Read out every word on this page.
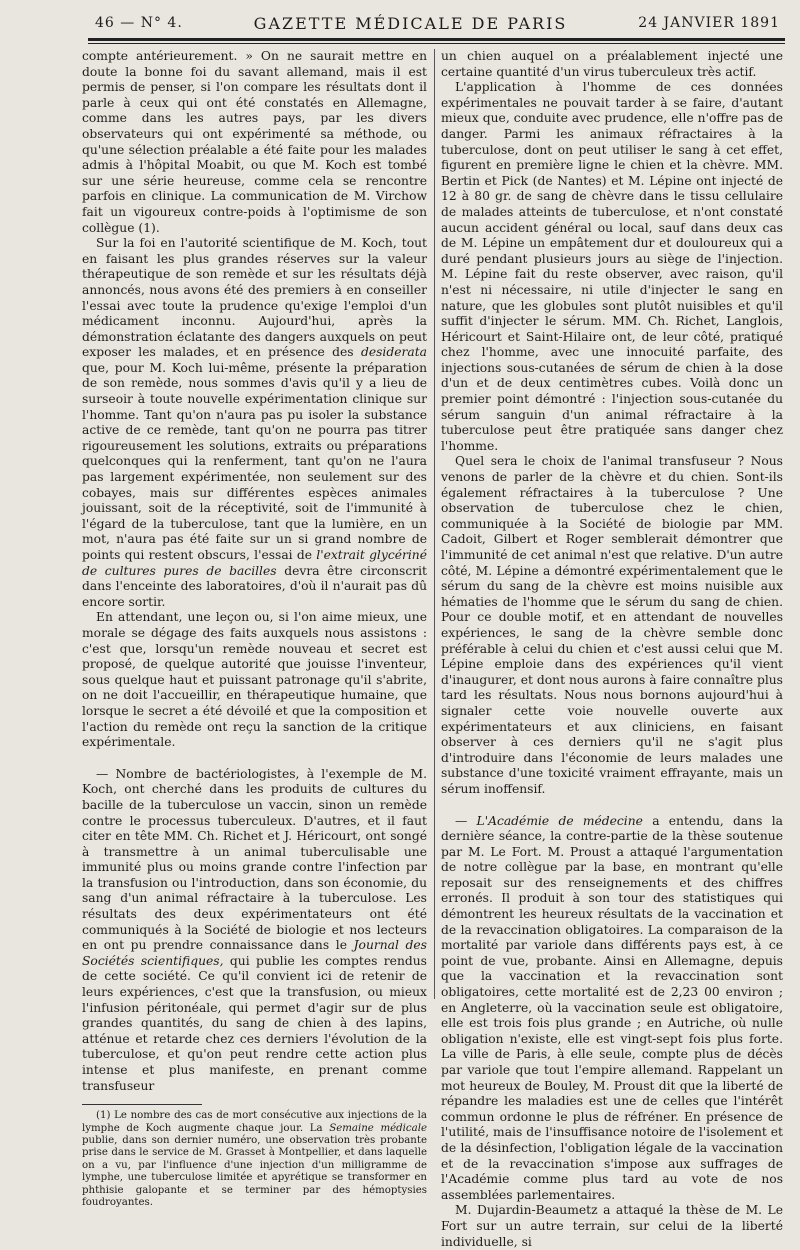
46 — N° 4.	GAZETTE MÉDICALE DE PARIS	24 JANVIER 1891

compte antérieurement. » On ne saurait mettre en doute la bonne foi du savant allemand, mais il est permis de penser, si l'on compare les résultats dont il parle à ceux qui ont été constatés en Allemagne, comme dans les autres pays, par les divers observateurs qui ont expérimenté sa méthode, ou qu'une sélection préalable a été faite pour les malades admis à l'hôpital Moabit, ou que M. Koch est tombé sur une série heureuse, comme cela se rencontre parfois en clinique. La communication de M. Virchow fait un vigoureux contre-poids à l'optimisme de son collègue (1).

Sur la foi en l'autorité scientifique de M. Koch, tout en faisant les plus grandes réserves sur la valeur thérapeutique de son remède et sur les résultats déjà annoncés, nous avons été des premiers à en conseiller l'essai avec toute la prudence qu'exige l'emploi d'un médicament inconnu. Aujourd'hui, après la démonstration éclatante des dangers auxquels on peut exposer les malades, et en présence des desiderata que, pour M. Koch lui-même, présente la préparation de son remède, nous sommes d'avis qu'il y a lieu de surseoir à toute nouvelle expérimentation clinique sur l'homme. Tant qu'on n'aura pas pu isoler la substance active de ce remède, tant qu'on ne pourra pas titrer rigoureusement les solutions, extraits ou préparations quelconques qui la renferment, tant qu'on ne l'aura pas largement expérimentée, non seulement sur des cobayes, mais sur différentes espèces animales jouissant, soit de la réceptivité, soit de l'immunité à l'égard de la tuberculose, tant que la lumière, en un mot, n'aura pas été faite sur un si grand nombre de points qui restent obscurs, l'essai de l'extrait glycériné de cultures pures de bacilles devra être circonscrit dans l'enceinte des laboratoires, d'où il n'aurait pas dû encore sortir.

En attendant, une leçon ou, si l'on aime mieux, une morale se dégage des faits auxquels nous assistons : c'est que, lorsqu'un remède nouveau et secret est proposé, de quelque autorité que jouisse l'inventeur, sous quelque haut et puissant patronage qu'il s'abrite, on ne doit l'accueillir, en thérapeutique humaine, que lorsque le secret a été dévoilé et que la composition et l'action du remède ont reçu la sanction de la critique expérimentale.

— Nombre de bactériologistes, à l'exemple de M. Koch, ont cherché dans les produits de cultures du bacille de la tuberculose un vaccin, sinon un remède contre le processus tuberculeux. D'autres, et il faut citer en tête MM. Ch. Richet et J. Héricourt, ont songé à transmettre à un animal tuberculisable une immunité plus ou moins grande contre l'infection par la transfusion ou l'introduction, dans son économie, du sang d'un animal réfractaire à la tuberculose. Les résultats des deux expérimentateurs ont été communiqués à la Société de biologie et nos lecteurs en ont pu prendre connaissance dans le Journal des Sociétés scientifiques, qui publie les comptes rendus de cette société. Ce qu'il convient ici de retenir de leurs expériences, c'est que la transfusion, ou mieux l'infusion péritonéale, qui permet d'agir sur de plus grandes quantités, du sang de chien à des lapins, atténue et retarde chez ces derniers l'évolution de la tuberculose, et qu'on peut rendre cette action plus intense et plus manifeste, en prenant comme transfuseur

(1) Le nombre des cas de mort consécutive aux injections de la lymphe de Koch augmente chaque jour. La Semaine médicale publie, dans son dernier numéro, une observation très probante prise dans le service de M. Grasset à Montpellier, et dans laquelle on a vu, par l'influence d'une injection d'un milligramme de lymphe, une tuberculose limitée et apyrétique se transformer en phthisie galopante et se terminer par des hémoptysies foudroyantes.

un chien auquel on a préalablement injecté une certaine quantité d'un virus tuberculeux très actif.

L'application à l'homme de ces données expérimentales ne pouvait tarder à se faire, d'autant mieux que, conduite avec prudence, elle n'offre pas de danger. Parmi les animaux réfractaires à la tuberculose, dont on peut utiliser le sang à cet effet, figurent en première ligne le chien et la chèvre. MM. Bertin et Pick (de Nantes) et M. Lépine ont injecté de 12 à 80 gr. de sang de chèvre dans le tissu cellulaire de malades atteints de tuberculose, et n'ont constaté aucun accident général ou local, sauf dans deux cas de M. Lépine un empâtement dur et douloureux qui a duré pendant plusieurs jours au siège de l'injection. M. Lépine fait du reste observer, avec raison, qu'il n'est ni nécessaire, ni utile d'injecter le sang en nature, que les globules sont plutôt nuisibles et qu'il suffit d'injecter le sérum. MM. Ch. Richet, Langlois, Héricourt et Saint-Hilaire ont, de leur côté, pratiqué chez l'homme, avec une innocuité parfaite, des injections sous-cutanées de sérum de chien à la dose d'un et de deux centimètres cubes. Voilà donc un premier point démontré : l'injection sous-cutanée du sérum sanguin d'un animal réfractaire à la tuberculose peut être pratiquée sans danger chez l'homme.

Quel sera le choix de l'animal transfuseur ? Nous venons de parler de la chèvre et du chien. Sont-ils également réfractaires à la tuberculose ? Une observation de tuberculose chez le chien, communiquée à la Société de biologie par MM. Cadoit, Gilbert et Roger semblerait démontrer que l'immunité de cet animal n'est que relative. D'un autre côté, M. Lépine a démontré expérimentalement que le sérum du sang de la chèvre est moins nuisible aux hématies de l'homme que le sérum du sang de chien. Pour ce double motif, et en attendant de nouvelles expériences, le sang de la chèvre semble donc préférable à celui du chien et c'est aussi celui que M. Lépine emploie dans des expériences qu'il vient d'inaugurer, et dont nous aurons à faire connaître plus tard les résultats. Nous nous bornons aujourd'hui à signaler cette voie nouvelle ouverte aux expérimentateurs et aux cliniciens, en faisant observer à ces derniers qu'il ne s'agit plus d'introduire dans l'économie de leurs malades une substance d'une toxicité vraiment effrayante, mais un sérum inoffensif.

— L'Académie de médecine a entendu, dans la dernière séance, la contre-partie de la thèse soutenue par M. Le Fort. M. Proust a attaqué l'argumentation de notre collègue par la base, en montrant qu'elle reposait sur des renseignements et des chiffres erronés. Il produit à son tour des statistiques qui démontrent les heureux résultats de la vaccination et de la revaccination obligatoires. La comparaison de la mortalité par variole dans différents pays est, à ce point de vue, probante. Ainsi en Allemagne, depuis que la vaccination et la revaccination sont obligatoires, cette mortalité est de 2,23 00 environ ; en Angleterre, où la vaccination seule est obligatoire, elle est trois fois plus grande ; en Autriche, où nulle obligation n'existe, elle est vingt-sept fois plus forte. La ville de Paris, à elle seule, compte plus de décès par variole que tout l'empire allemand. Rappelant un mot heureux de Bouley, M. Proust dit que la liberté de répandre les maladies est une de celles que l'intérêt commun ordonne le plus de réfréner. En présence de l'utilité, mais de l'insuffisance notoire de l'isolement et de la désinfection, l'obligation légale de la vaccination et de la revaccination s'impose aux suffrages de l'Académie comme plus tard au vote de nos assemblées parlementaires.

M. Dujardin-Beaumetz a attaqué la thèse de M. Le Fort sur un autre terrain, sur celui de la liberté individuelle, si
